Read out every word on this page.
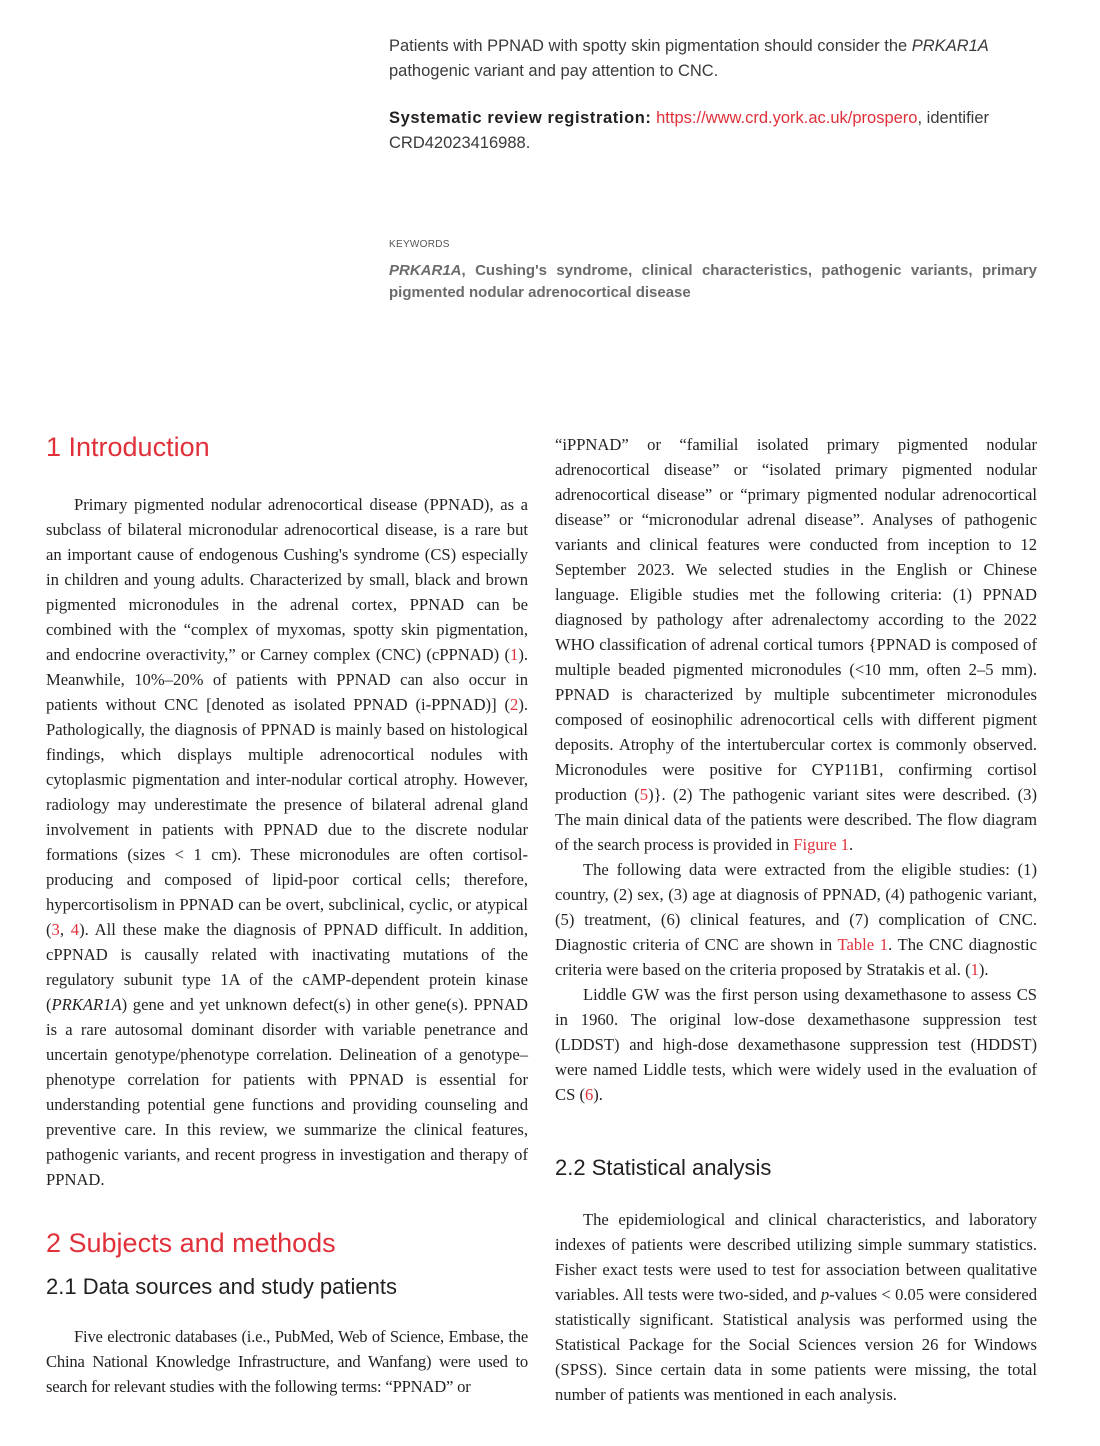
Patients with PPNAD with spotty skin pigmentation should consider the PRKAR1A pathogenic variant and pay attention to CNC.

Systematic review registration: https://www.crd.york.ac.uk/prospero, identifier CRD42023416988.

KEYWORDS
PRKAR1A, Cushing's syndrome, clinical characteristics, pathogenic variants, primary pigmented nodular adrenocortical disease
1 Introduction

Primary pigmented nodular adrenocortical disease (PPNAD), as a subclass of bilateral micronodular adrenocortical disease, is a rare but an important cause of endogenous Cushing's syndrome (CS) especially in children and young adults. Characterized by small, black and brown pigmented micronodules in the adrenal cortex, PPNAD can be combined with the “complex of myxomas, spotty skin pigmentation, and endocrine overactivity,” or Carney complex (CNC) (cPPNAD) (1). Meanwhile, 10%–20% of patients with PPNAD can also occur in patients without CNC [denoted as isolated PPNAD (i-PPNAD)] (2). Pathologically, the diagnosis of PPNAD is mainly based on histological findings, which displays multiple adrenocortical nodules with cytoplasmic pigmentation and inter-nodular cortical atrophy. However, radiology may underestimate the presence of bilateral adrenal gland involvement in patients with PPNAD due to the discrete nodular formations (sizes < 1 cm). These micronodules are often cortisol-producing and composed of lipid-poor cortical cells; therefore, hypercortisolism in PPNAD can be overt, subclinical, cyclic, or atypical (3, 4). All these make the diagnosis of PPNAD difficult. In addition, cPPNAD is causally related with inactivating mutations of the regulatory subunit type 1A of the cAMP-dependent protein kinase (PRKAR1A) gene and yet unknown defect(s) in other gene(s). PPNAD is a rare autosomal dominant disorder with variable penetrance and uncertain genotype/phenotype correlation. Delineation of a genotype–phenotype correlation for patients with PPNAD is essential for understanding potential gene functions and providing counseling and preventive care. In this review, we summarize the clinical features, pathogenic variants, and recent progress in investigation and therapy of PPNAD.

2 Subjects and methods
2.1 Data sources and study patients

Five electronic databases (i.e., PubMed, Web of Science, Embase, the China National Knowledge Infrastructure, and Wanfang) were used to search for relevant studies with the following terms: “PPNAD” or

“iPPNAD” or “familial isolated primary pigmented nodular adrenocortical disease” or “isolated primary pigmented nodular adrenocortical disease” or “primary pigmented nodular adrenocortical disease” or “micronodular adrenal disease”. Analyses of pathogenic variants and clinical features were conducted from inception to 12 September 2023. We selected studies in the English or Chinese language. Eligible studies met the following criteria: (1) PPNAD diagnosed by pathology after adrenalectomy according to the 2022 WHO classification of adrenal cortical tumors {PPNAD is composed of multiple beaded pigmented micronodules (<10 mm, often 2–5 mm). PPNAD is characterized by multiple subcentimeter micronodules composed of eosinophilic adrenocortical cells with different pigment deposits. Atrophy of the intertubercular cortex is commonly observed. Micronodules were positive for CYP11B1, confirming cortisol production (5)}. (2) The pathogenic variant sites were described. (3) The main dinical data of the patients were described. The flow diagram of the search process is provided in Figure 1.

The following data were extracted from the eligible studies: (1) country, (2) sex, (3) age at diagnosis of PPNAD, (4) pathogenic variant, (5) treatment, (6) clinical features, and (7) complication of CNC. Diagnostic criteria of CNC are shown in Table 1. The CNC diagnostic criteria were based on the criteria proposed by Stratakis et al. (1).

Liddle GW was the first person using dexamethasone to assess CS in 1960. The original low-dose dexamethasone suppression test (LDDST) and high-dose dexamethasone suppression test (HDDST) were named Liddle tests, which were widely used in the evaluation of CS (6).

2.2 Statistical analysis

The epidemiological and clinical characteristics, and laboratory indexes of patients were described utilizing simple summary statistics. Fisher exact tests were used to test for association between qualitative variables. All tests were two-sided, and p-values < 0.05 were considered statistically significant. Statistical analysis was performed using the Statistical Package for the Social Sciences version 26 for Windows (SPSS). Since certain data in some patients were missing, the total number of patients was mentioned in each analysis.
